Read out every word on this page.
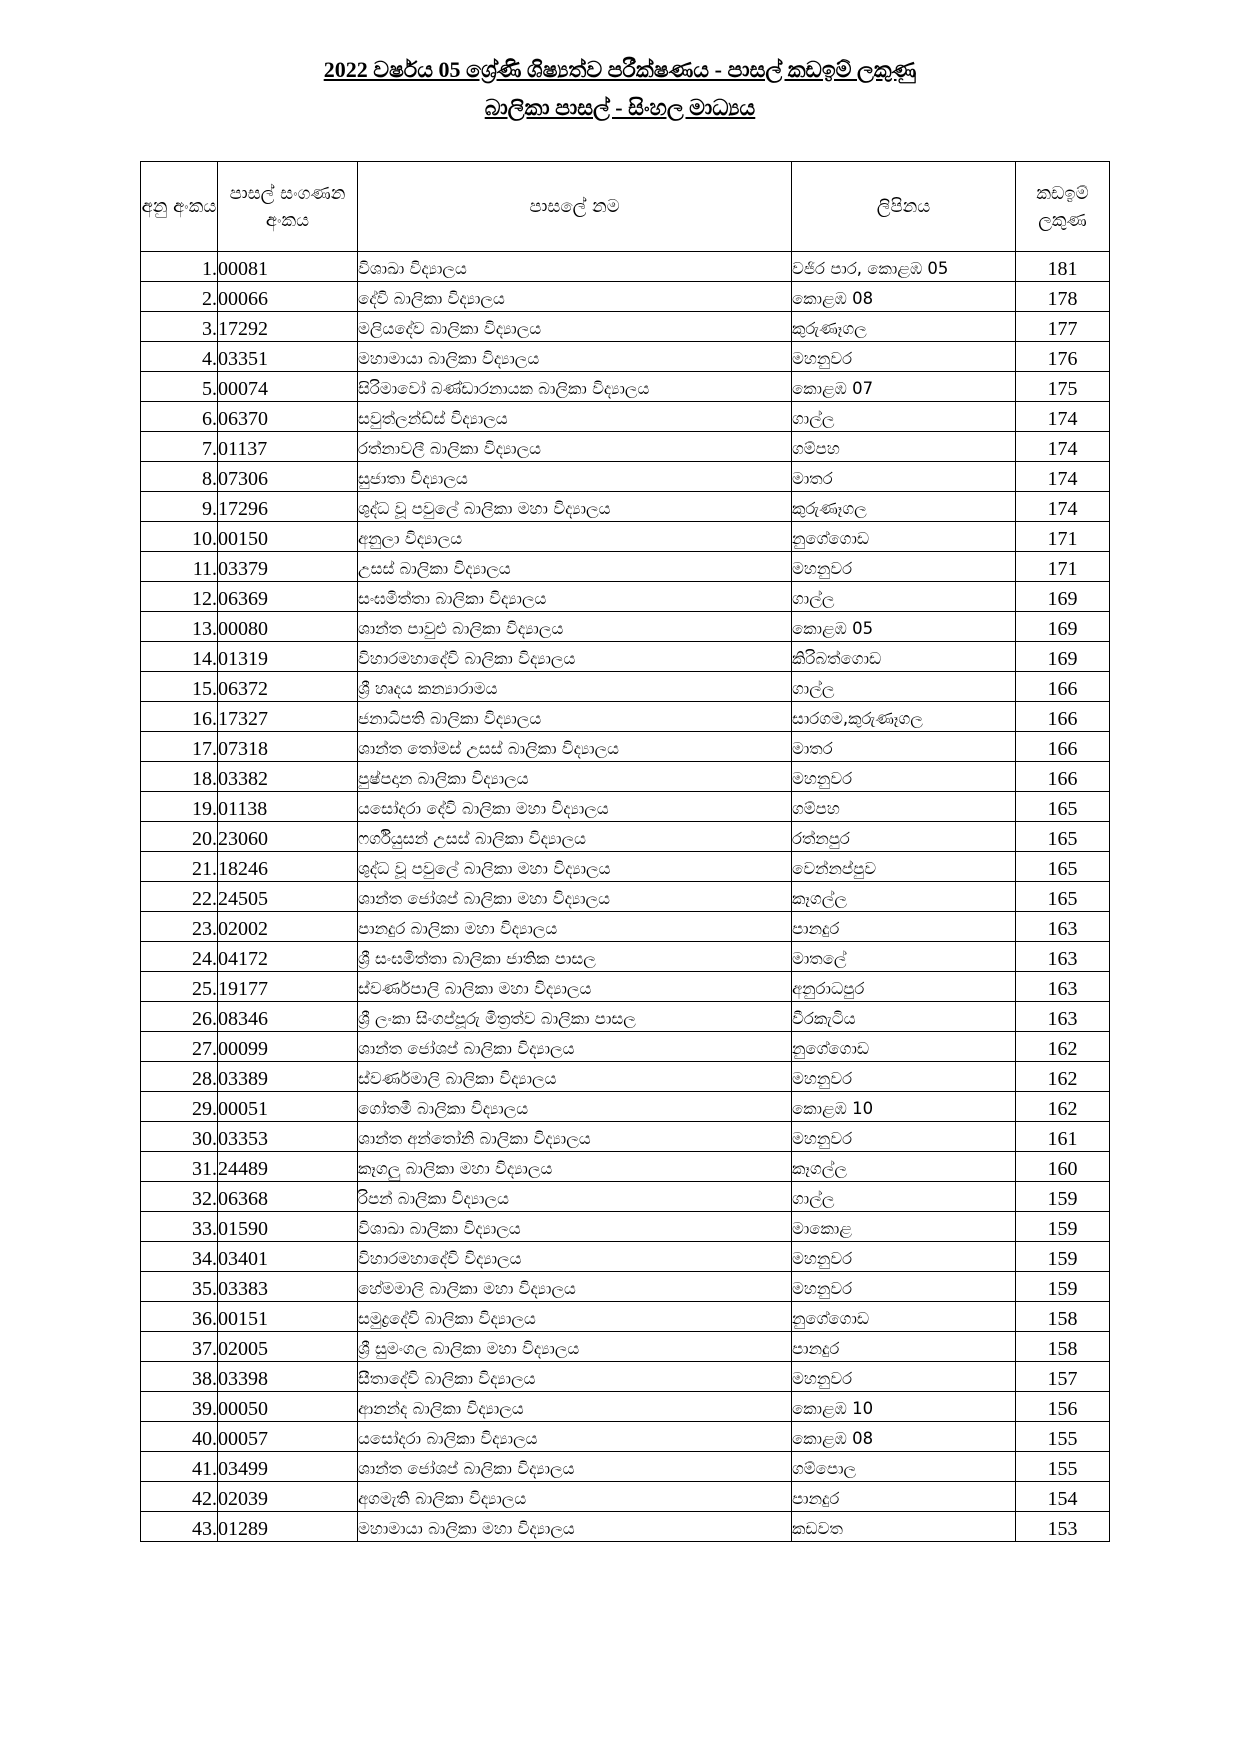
2022 වර්ෂය 05 ශ්‍රේණි ශිෂ්‍යත්ව පරීක්ෂණය - පාසල් කඩඉම් ලකුණු
බාලිකා පාසල් - සිංහල මාධ්‍යය
අනු අංකය	පාසල් සංගණන අංකය	පාසලේ නම	ලිපිනය	කඩඉම් ලකුණ
1.	00081	විශාඛා විද්‍යාලය	වජිර පාර, කොළඹ 05	181
2.	00066	දේවි බාලිකා විද්‍යාලය	කොළඹ 08	178
3.	17292	මලියදේව බාලිකා විද්‍යාලය	කුරුණෑගල	177
4.	03351	මහාමායා බාලිකා විද්‍යාලය	මහනුවර	176
5.	00074	සිරිමාවෝ බණ්ඩාරනායක බාලිකා විද්‍යාලය	කොළඹ 07	175
6.	06370	සවුත්ලන්ඩ්ස් විද්‍යාලය	ගාල්ල	174
7.	01137	රත්නාවලී බාලිකා විද්‍යාලය	ගම්පහ	174
8.	07306	සුජාතා විද්‍යාලය	මාතර	174
9.	17296	ශුද්ධ වූ පවුලේ බාලිකා මහා විද්‍යාලය	කුරුණෑගල	174
10.	00150	අනුලා විද්‍යාලය	නුගේගොඩ	171
11.	03379	උසස් බාලිකා විද්‍යාලය	මහනුවර	171
12.	06369	සංඝමිත්තා බාලිකා විද්‍යාලය	ගාල්ල	169
13.	00080	ශාන්ත පාවුළු බාලිකා විද්‍යාලය	කොළඹ 05	169
14.	01319	විහාරමහාදේවි බාලිකා විද්‍යාලය	කිරිබත්ගොඩ	169
15.	06372	ශ්‍රී හෘදය කන්‍යාරාමය	ගාල්ල	166
16.	17327	ජනාධිපති බාලිකා විද්‍යාලය	සාරගම,කුරුණෑගල	166
17.	07318	ශාන්ත තෝමස් උසස් බාලිකා විද්‍යාලය	මාතර	166
18.	03382	පුෂ්පදාන බාලිකා විද්‍යාලය	මහනුවර	166
19.	01138	යසෝදරා දේවි බාලිකා මහා විද්‍යාලය	ගම්පහ	165
20.	23060	ෆර්ගියුසන් උසස් බාලිකා විද්‍යාලය	රත්නපුර	165
21.	18246	ශුද්ධ වූ පවුලේ බාලිකා මහා විද්‍යාලය	වෙන්නප්පුව	165
22.	24505	ශාන්ත ජෝශප් බාලිකා මහා විද්‍යාලය	කෑගල්ල	165
23.	02002	පානදුර බාලිකා මහා විද්‍යාලය	පානදුර	163
24.	04172	ශ්‍රී සංඝමිත්තා බාලිකා ජාතික පාසල	මාතලේ	163
25.	19177	ස්වර්ණපාලි බාලිකා මහා විද්‍යාලය	අනුරාධපුර	163
26.	08346	ශ්‍රී ලංකා සිංගප්පූරු මිත්‍රත්ව බාලිකා පාසල	වීරකැටිය	163
27.	00099	ශාන්ත ජෝශප් බාලිකා විද්‍යාලය	නුගේගොඩ	162
28.	03389	ස්වර්ණමාලි බාලිකා විද්‍යාලය	මහනුවර	162
29.	00051	ගෝතමී බාලිකා විද්‍යාලය	කොළඹ 10	162
30.	03353	ශාන්ත අන්තෝනි බාලිකා විද්‍යාලය	මහනුවර	161
31.	24489	කෑගලු බාලිකා මහා විද්‍යාලය	කෑගල්ල	160
32.	06368	රිපන් බාලිකා විද්‍යාලය	ගාල්ල	159
33.	01590	විශාඛා බාලිකා විද්‍යාලය	මාකොළ	159
34.	03401	විහාරමහාදේවි විද්‍යාලය	මහනුවර	159
35.	03383	හේමමාලි බාලිකා මහා විද්‍යාලය	මහනුවර	159
36.	00151	සමුද්‍රදේවි බාලිකා විද්‍යාලය	නුගේගොඩ	158
37.	02005	ශ්‍රී සුමංගල බාලිකා මහා විද්‍යාලය	පානදුර	158
38.	03398	සීතාදේවි බාලිකා විද්‍යාලය	මහනුවර	157
39.	00050	ආනන්ද බාලිකා විද්‍යාලය	කොළඹ 10	156
40.	00057	යසෝදරා බාලිකා විද්‍යාලය	කොළඹ 08	155
41.	03499	ශාන්ත ජෝශප් බාලිකා විද්‍යාලය	ගම්පොල	155
42.	02039	අගමැති බාලිකා විද්‍යාලය	පානදුර	154
43.	01289	මහාමායා බාලිකා මහා විද්‍යාලය	කඩවත	153
